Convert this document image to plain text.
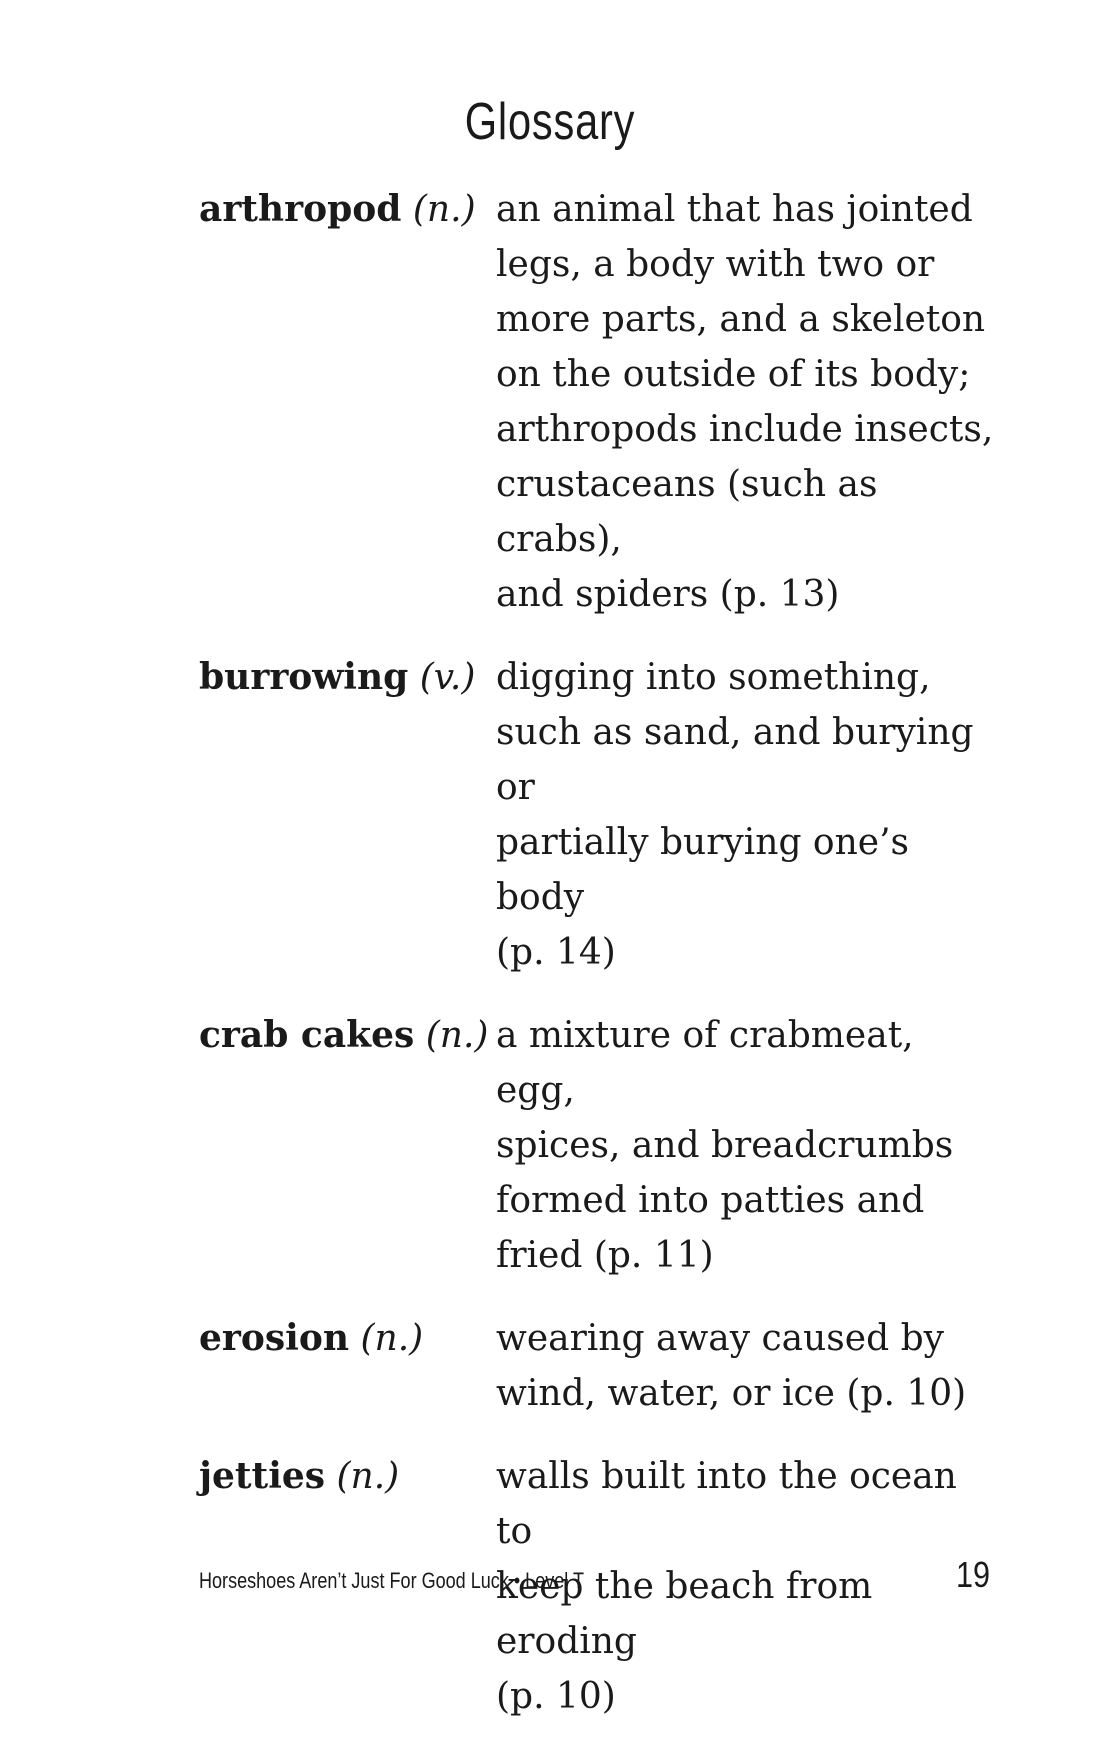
Glossary
arthropod (n.) an animal that has jointed
legs, a body with two or
more parts, and a skeleton
on the outside of its body;
arthropods include insects,
crustaceans (such as crabs),
and spiders (p. 13)
burrowing (v.) digging into something,
such as sand, and burying or
partially burying one’s body
(p. 14)
crab cakes (n.) a mixture of crabmeat, egg,
spices, and breadcrumbs
formed into patties and
fried (p. 11)
erosion (n.)	wearing away caused by
wind, water, or ice (p. 10)
jetties (n.)	walls built into the ocean to
keep the beach from eroding
(p. 10)
Horseshoes Aren’t Just For Good Luck • Level T	19
